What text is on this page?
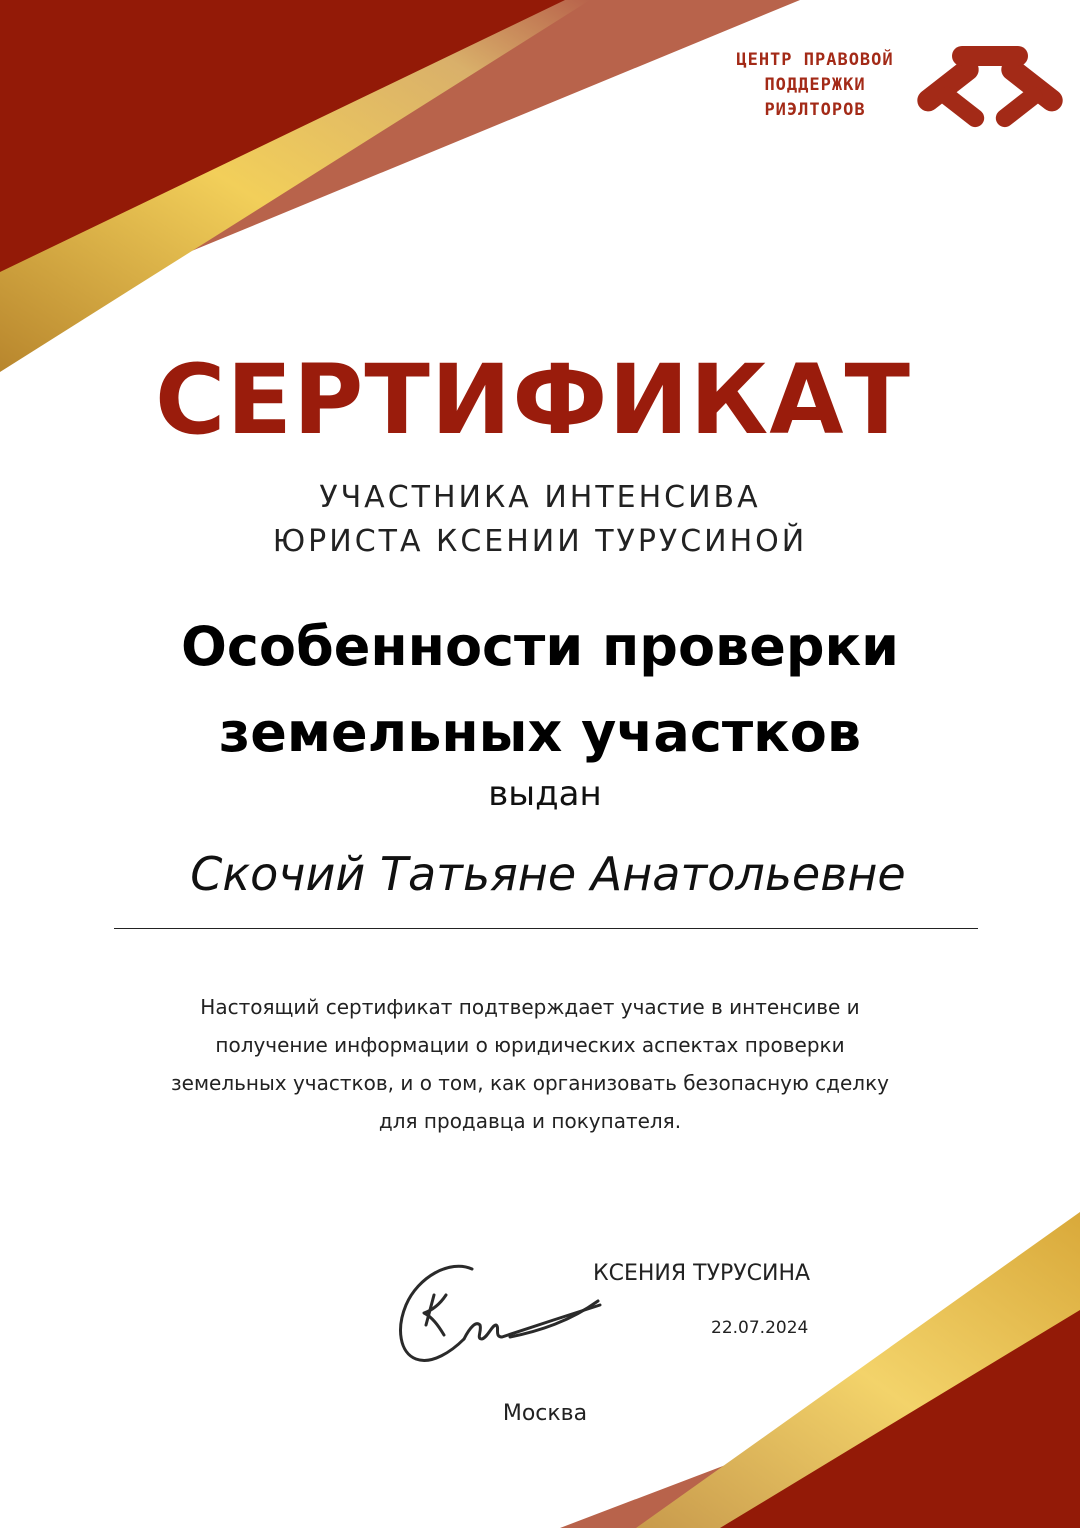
ЦЕНТР ПРАВОВОЙ
ПОДДЕРЖКИ
РИЭЛТОРОВ
СЕРТИФИКАТ
УЧАСТНИКА ИНТЕНСИВА
ЮРИСТА КСЕНИИ ТУРУСИНОЙ
Особенности проверки
земельных участков
выдан
Скочий Татьяне Анатольевне
Настоящий сертификат подтверждает участие в интенсиве и
получение информации о юридических аспектах проверки
земельных участков, и о том, как организовать безопасную сделку
для продавца и покупателя.
КСЕНИЯ ТУРУСИНА
22.07.2024
Москва
